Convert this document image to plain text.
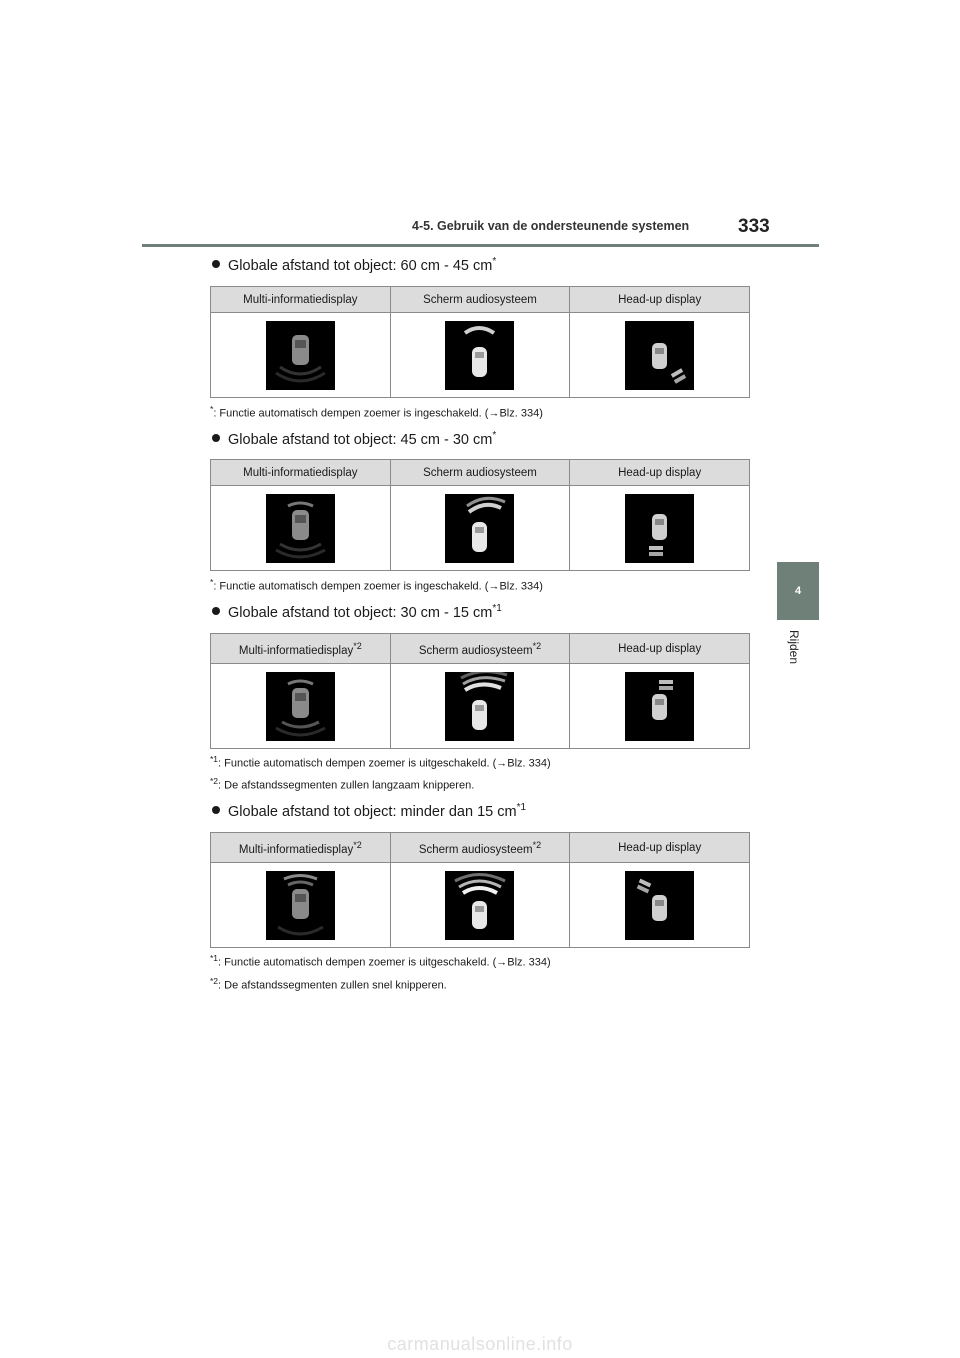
4-5. Gebruik van de ondersteunende systemen	333
4
Rijden
Globale afstand tot object: 60 cm - 45 cm*
Multi-informatiedisplay	Scherm audiosysteem	Head-up display

*: Functie automatisch dempen zoemer is ingeschakeld. (→Blz. 334)
Globale afstand tot object: 45 cm - 30 cm*
Multi-informatiedisplay	Scherm audiosysteem	Head-up display

*: Functie automatisch dempen zoemer is ingeschakeld. (→Blz. 334)
Globale afstand tot object: 30 cm - 15 $cm^{*1}$
Multi-informatiedisplay$^{*2}$	Scherm audiosysteem$^{*2}$	Head-up display

$^{*1}$: Functie automatisch dempen zoemer is uitgeschakeld. (→Blz. 334)
$^{*2}$: De afstandssegmenten zullen langzaam knipperen.
Globale afstand tot object: minder dan 15 $cm^{*1}$
Multi-informatiedisplay$^{*2}$	Scherm audiosysteem$^{*2}$	Head-up display

$^{*1}$: Functie automatisch dempen zoemer is uitgeschakeld. (→Blz. 334)
$^{*2}$: De afstandssegmenten zullen snel knipperen.
carmanualsonline.info
